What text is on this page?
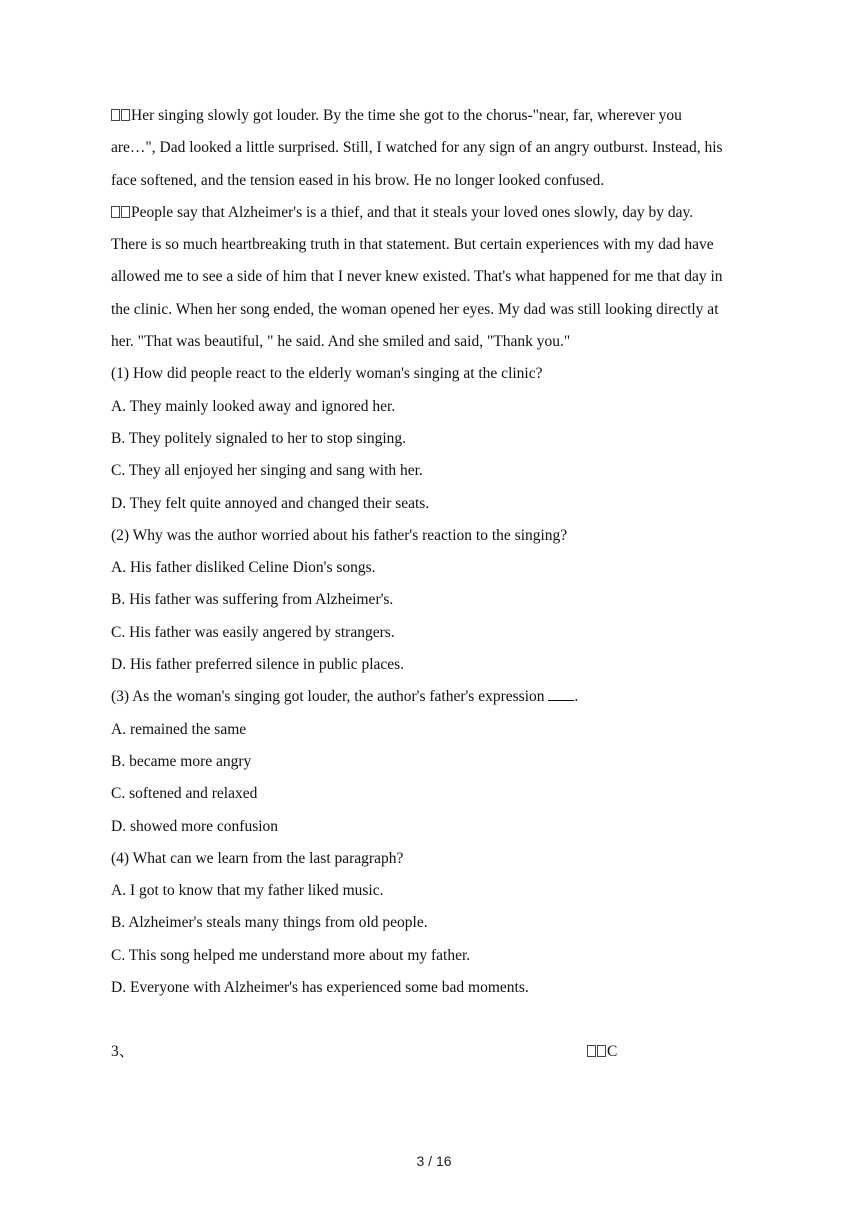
Her singing slowly got louder. By the time she got to the chorus-"near, far, wherever you
are…", Dad looked a little surprised. Still, I watched for any sign of an angry outburst. Instead, his
face softened, and the tension eased in his brow. He no longer looked confused.
People say that Alzheimer's is a thief, and that it steals your loved ones slowly, day by day.
There is so much heartbreaking truth in that statement. But certain experiences with my dad have
allowed me to see a side of him that I never knew existed. That's what happened for me that day in
the clinic. When her song ended, the woman opened her eyes. My dad was still looking directly at
her. "That was beautiful, " he said. And she smiled and said, "Thank you."
(1) How did people react to the elderly woman's singing at the clinic?
A. They mainly looked away and ignored her.
B. They politely signaled to her to stop singing.
C. They all enjoyed her singing and sang with her.
D. They felt quite annoyed and changed their seats.
(2) Why was the author worried about his father's reaction to the singing?
A. His father disliked Celine Dion's songs.
B. His father was suffering from Alzheimer's.
C. His father was easily angered by strangers.
D. His father preferred silence in public places.
(3) As the woman's singing got louder, the author's father's expression .
A. remained the same
B. became more angry
C. softened and relaxed
D. showed more confusion
(4) What can we learn from the last paragraph?
A. I got to know that my father liked music.
B. Alzheimer's steals many things from old people.
C. This song helped me understand more about my father.
D. Everyone with Alzheimer's has experienced some bad moments.
3、	C
3 / 16
